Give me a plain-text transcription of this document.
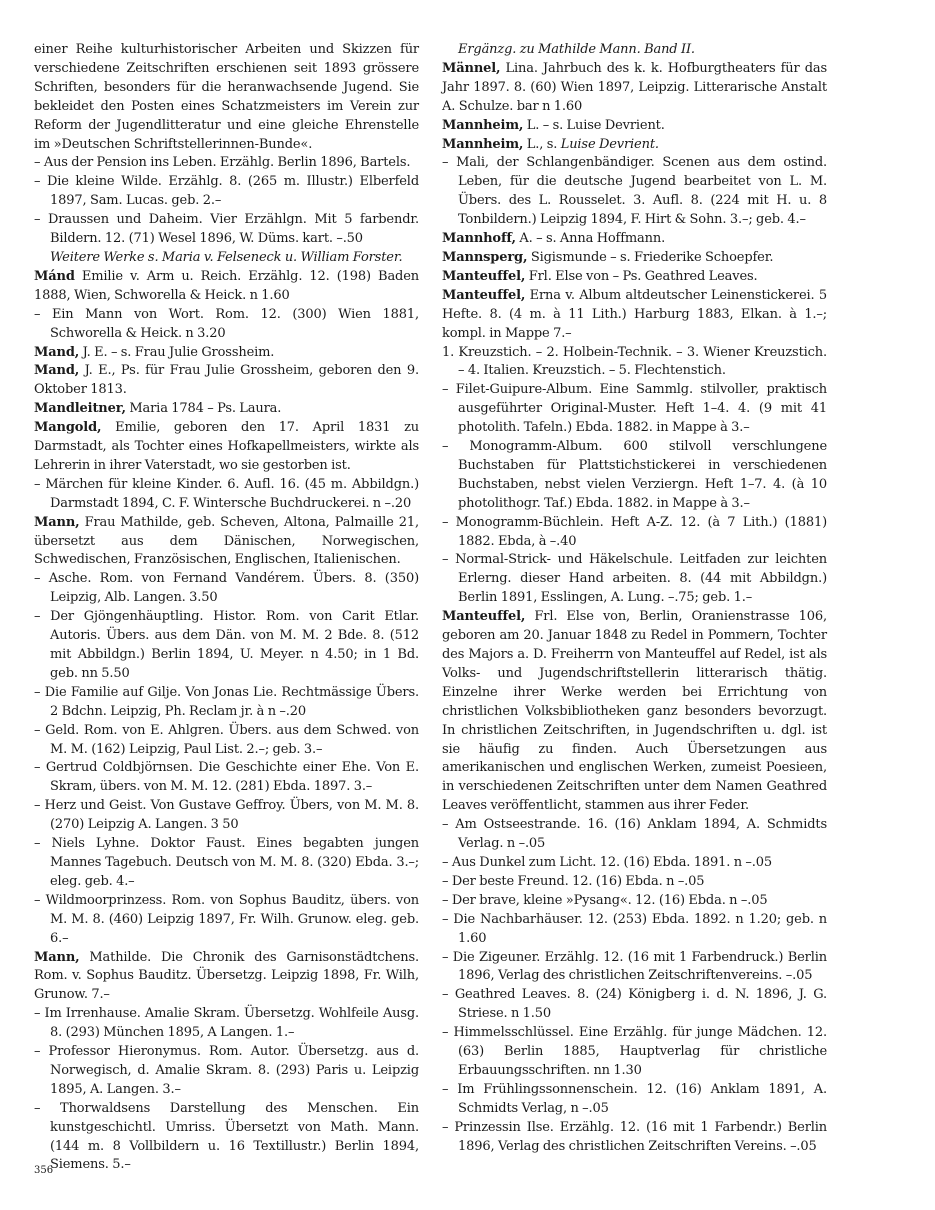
einer Reihe kulturhistorischer Arbeiten und Skizzen für verschiedene Zeitschriften erschienen seit 1893 grössere Schriften, besonders für die heranwachsende Jugend. Sie bekleidet den Posten eines Schatzmeisters im Verein zur Reform der Jugendlitteratur und eine gleiche Ehrenstelle im »Deutschen Schriftstellerinnen-Bunde«.

– Aus der Pension ins Leben. Erzählg. Berlin 1896, Bartels.

– Die kleine Wilde. Erzählg. 8. (265 m. Illustr.) Elberfeld 1897, Sam. Lucas. geb. 2.–

– Draussen und Daheim. Vier Erzählgn. Mit 5 farbendr. Bildern. 12. (71) Wesel 1896, W. Düms. kart. –.50

Weitere Werke s. Maria v. Felseneck u. William Forster.

Mánd Emilie v. Arm u. Reich. Erzählg. 12. (198) Baden 1888, Wien, Schworella & Heick. n 1.60

– Ein Mann von Wort. Rom. 12. (300) Wien 1881, Schworella & Heick. n 3.20

Mand, J. E. – s. Frau Julie Grossheim.

Mand, J. E., Ps. für Frau Julie Grossheim, geboren den 9. Oktober 1813.

Mandleitner, Maria 1784 – Ps. Laura.

Mangold, Emilie, geboren den 17. April 1831 zu Darmstadt, als Tochter eines Hofkapellmeisters, wirkte als Lehrerin in ihrer Vaterstadt, wo sie gestorben ist.

– Märchen für kleine Kinder. 6. Aufl. 16. (45 m. Abbildgn.) Darmstadt 1894, C. F. Wintersche Buchdruckerei. n –.20

Mann, Frau Mathilde, geb. Scheven, Altona, Palmaille 21, übersetzt aus dem Dänischen, Norwegischen, Schwedischen, Französischen, Englischen, Italienischen.

– Asche. Rom. von Fernand Vandérem. Übers. 8. (350) Leipzig, Alb. Langen. 3.50

– Der Gjöngenhäuptling. Histor. Rom. von Carit Etlar. Autoris. Übers. aus dem Dän. von M. M. 2 Bde. 8. (512 mit Abbildgn.) Berlin 1894, U. Meyer. n 4.50; in 1 Bd. geb. nn 5.50

– Die Familie auf Gilje. Von Jonas Lie. Rechtmässige Übers. 2 Bdchn. Leipzig, Ph. Reclam jr. à n –.20

– Geld. Rom. von E. Ahlgren. Übers. aus dem Schwed. von M. M. (162) Leipzig, Paul List. 2.–; geb. 3.–

– Gertrud Coldbjörnsen. Die Geschichte einer Ehe. Von E. Skram, übers. von M. M. 12. (281) Ebda. 1897. 3.–

– Herz und Geist. Von Gustave Geffroy. Übers, von M. M. 8. (270) Leipzig A. Langen. 3 50

– Niels Lyhne. Doktor Faust. Eines begabten jungen Mannes Tagebuch. Deutsch von M. M. 8. (320) Ebda. 3.–; eleg. geb. 4.–

– Wildmoorprinzess. Rom. von Sophus Bauditz, übers. von M. M. 8. (460) Leipzig 1897, Fr. Wilh. Grunow. eleg. geb. 6.–

Mann, Mathilde. Die Chronik des Garnisonstädtchens. Rom. v. Sophus Bauditz. Übersetzg. Leipzig 1898, Fr. Wilh, Grunow. 7.–

– Im Irrenhause. Amalie Skram. Übersetzg. Wohlfeile Ausg. 8. (293) München 1895, A Langen. 1.–

– Professor Hieronymus. Rom. Autor. Übersetzg. aus d. Norwegisch, d. Amalie Skram. 8. (293) Paris u. Leipzig 1895, A. Langen. 3.–

– Thorwaldsens Darstellung des Menschen. Ein kunstgeschichtl. Umriss. Übersetzt von Math. Mann. (144 m. 8 Vollbildern u. 16 Textillustr.) Berlin 1894, Siemens. 5.–

Ergänzg. zu Mathilde Mann. Band II.

Männel, Lina. Jahrbuch des k. k. Hofburgtheaters für das Jahr 1897. 8. (60) Wien 1897, Leipzig. Litterarische Anstalt A. Schulze. bar n 1.60

Mannheim, L. – s. Luise Devrient.

Mannheim, L., s. Luise Devrient.

– Mali, der Schlangenbändiger. Scenen aus dem ostind. Leben, für die deutsche Jugend bearbeitet von L. M. Übers. des L. Rousselet. 3. Aufl. 8. (224 mit H. u. 8 Tonbildern.) Leipzig 1894, F. Hirt & Sohn. 3.–; geb. 4.–

Mannhoff, A. – s. Anna Hoffmann.

Mannsperg, Sigismunde – s. Friederike Schoepfer.

Manteuffel, Frl. Else von – Ps. Geathred Leaves.

Manteuffel, Erna v. Album altdeutscher Leinenstickerei. 5 Hefte. 8. (4 m. à 11 Lith.) Harburg 1883, Elkan. à 1.–; kompl. in Mappe 7.–

1. Kreuzstich. – 2. Holbein-Technik. – 3. Wiener Kreuzstich. – 4. Italien. Kreuzstich. – 5. Flechtenstich.

– Filet-Guipure-Album. Eine Sammlg. stilvoller, praktisch ausgeführter Original-Muster. Heft 1–4. 4. (9 mit 41 photolith. Tafeln.) Ebda. 1882. in Mappe à 3.–

– Monogramm-Album. 600 stilvoll verschlungene Buchstaben für Plattstichstickerei in verschiedenen Buchstaben, nebst vielen Verziergn. Heft 1–7. 4. (à 10 photolithogr. Taf.) Ebda. 1882. in Mappe à 3.–

– Monogramm-Büchlein. Heft A-Z. 12. (à 7 Lith.) (1881) 1882. Ebda, à –.40

– Normal-Strick- und Häkelschule. Leitfaden zur leichten Erlerng. dieser Hand arbeiten. 8. (44 mit Abbildgn.) Berlin 1891, Esslingen, A. Lung. –.75; geb. 1.–

Manteuffel, Frl. Else von, Berlin, Oranienstrasse 106, geboren am 20. Januar 1848 zu Redel in Pommern, Tochter des Majors a. D. Freiherrn von Manteuffel auf Redel, ist als Volks- und Jugendschriftstellerin litterarisch thätig. Einzelne ihrer Werke werden bei Errichtung von christlichen Volksbibliotheken ganz besonders bevorzugt. In christlichen Zeitschriften, in Jugendschriften u. dgl. ist sie häufig zu finden. Auch Übersetzungen aus amerikanischen und englischen Werken, zumeist Poesieen, in verschiedenen Zeitschriften unter dem Namen Geathred Leaves veröffentlicht, stammen aus ihrer Feder.

– Am Ostseestrande. 16. (16) Anklam 1894, A. Schmidts Verlag. n –.05

– Aus Dunkel zum Licht. 12. (16) Ebda. 1891. n –.05

– Der beste Freund. 12. (16) Ebda. n –.05

– Der brave, kleine »Pysang«. 12. (16) Ebda. n –.05

– Die Nachbarhäuser. 12. (253) Ebda. 1892. n 1.20; geb. n 1.60

– Die Zigeuner. Erzählg. 12. (16 mit 1 Farbendruck.) Berlin 1896, Verlag des christlichen Zeitschriftenvereins. –.05

– Geathred Leaves. 8. (24) Königberg i. d. N. 1896, J. G. Striese. n 1.50

– Himmelsschlüssel. Eine Erzählg. für junge Mädchen. 12. (63) Berlin 1885, Hauptverlag für christliche Erbauungsschriften. nn 1.30

– Im Frühlingssonnenschein. 12. (16) Anklam 1891, A. Schmidts Verlag, n –.05

– Prinzessin Ilse. Erzählg. 12. (16 mit 1 Farbendr.) Berlin 1896, Verlag des christlichen Zeitschriften Vereins. –.05

356
